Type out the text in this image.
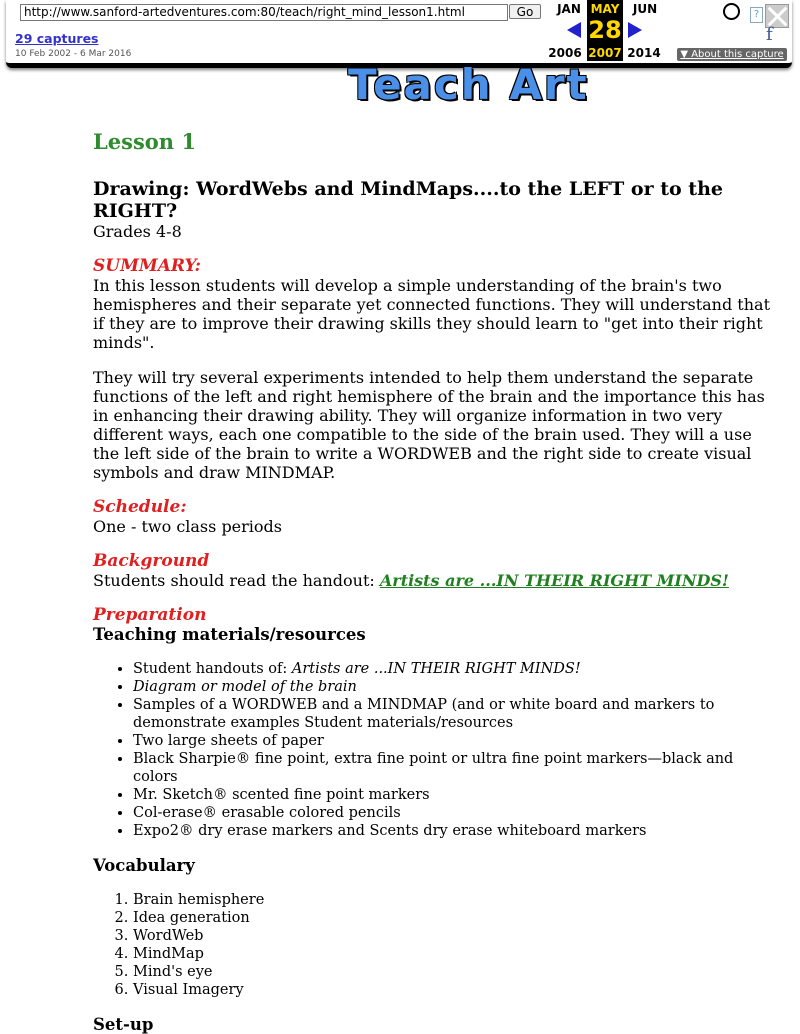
http://www.sanford-artedventures.com:80/teach/right_mind_lesson1.html
Go
29 captures
10 Feb 2002 - 6 Mar 2016
JAN MAY
28
2007
JUN
2006	2014
?
f
▼ About this capture
Teach Art
Lesson 1
Drawing: WordWebs and MindMaps....to the LEFT or to the RIGHT?
Grades 4-8
SUMMARY:

In this lesson students will develop a simple understanding of the brain's two hemispheres and their separate yet connected functions. They will understand that if they are to improve their drawing skills they should learn to "get into their right minds".

They will try several experiments intended to help them understand the separate functions of the left and right hemisphere of the brain and the importance this has in enhancing their drawing ability. They will organize information in two very different ways, each one compatible to the side of the brain used. They will a use the left side of the brain to write a WORDWEB and the right side to create visual symbols and draw MINDMAP.

Schedule:

One - two class periods

Background

Students should read the handout: Artists are ...IN THEIR RIGHT MINDS!

Preparation
Teaching materials/resources
• Student handouts of: Artists are ...IN THEIR RIGHT MINDS!
• Diagram or model of the brain
• Samples of a WORDWEB and a MINDMAP (and or white board and markers to demonstrate examples Student materials/resources
• Two large sheets of paper
• Black Sharpie® fine point, extra fine point or ultra fine point markers—black and colors
• Mr. Sketch® scented fine point markers
• Col-erase® erasable colored pencils
• Expo2® dry erase markers and Scents dry erase whiteboard markers
Vocabulary
1. Brain hemisphere
2. Idea generation
3. WordWeb
4. MindMap
5. Mind's eye
6. Visual Imagery
Set-up
